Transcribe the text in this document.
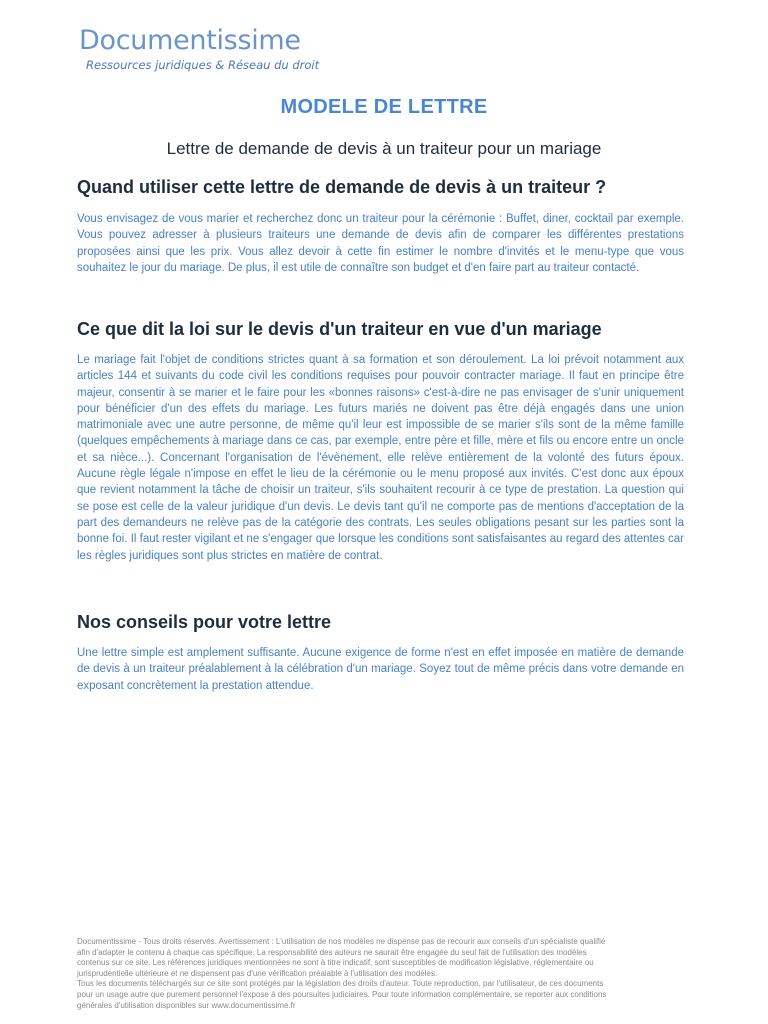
Documentissime
Ressources juridiques & Réseau du droit
MODELE DE LETTRE
Lettre de demande de devis à un traiteur pour un mariage
Quand utiliser cette lettre de demande de devis à un traiteur ?

Vous envisagez de vous marier et recherchez donc un traiteur pour la cérémonie : Buffet, diner, cocktail par exemple. Vous pouvez adresser à plusieurs traiteurs une demande de devis afin de comparer les différentes prestations proposées ainsi que les prix. Vous allez devoir à cette fin estimer le nombre d'invités et le menu-type que vous souhaitez le jour du mariage. De plus, il est utile de connaître son budget et d'en faire part au traiteur contacté.

Ce que dit la loi sur le devis d'un traiteur en vue d'un mariage

Le mariage fait l'objet de conditions strictes quant à sa formation et son déroulement. La loi prévoit notamment aux articles 144 et suivants du code civil les conditions requises pour pouvoir contracter mariage. Il faut en principe être majeur, consentir à se marier et le faire pour les «bonnes raisons» c'est-à-dire ne pas envisager de s'unir uniquement pour bénéficier d'un des effets du mariage. Les futurs mariés ne doivent pas être déjà engagés dans une union matrimoniale avec une autre personne, de même qu'il leur est impossible de se marier s'ils sont de la même famille (quelques empêchements à mariage dans ce cas, par exemple, entre père et fille, mère et fils ou encore entre un oncle et sa nièce...). Concernant l'organisation de l'évènement, elle relève entièrement de la volonté des futurs époux. Aucune règle légale n'impose en effet le lieu de la cérémonie ou le menu proposé aux invités. C'est donc aux époux que revient notamment la tâche de choisir un traiteur, s'ils souhaitent recourir à ce type de prestation. La question qui se pose est celle de la valeur juridique d'un devis. Le devis tant qu'il ne comporte pas de mentions d'acceptation de la part des demandeurs ne relève pas de la catégorie des contrats. Les seules obligations pesant sur les parties sont la bonne foi. Il faut rester vigilant et ne s'engager que lorsque les conditions sont satisfaisantes au regard des attentes car les règles juridiques sont plus strictes en matière de contrat.

Nos conseils pour votre lettre

Une lettre simple est amplement suffisante. Aucune exigence de forme n'est en effet imposée en matière de demande de devis à un traiteur préalablement à la célébration d'un mariage. Soyez tout de même précis dans votre demande en exposant concrètement la prestation attendue.

Documentissime - Tous droits réservés. Avertissement : L'utilisation de nos modèles ne dispense pas de recourir aux conseils d'un spécialiste qualifié
afin d'adapter le contenu à chaque cas spécifique. La responsabilité des auteurs ne saurait être engagée du seul fait de l'utilisation des modèles
contenus sur ce site. Les références juridiques mentionnées ne sont à titre indicatif, sont susceptibles de modification législative, réglementaire ou
jurisprudentielle ultérieure et ne dispensent pas d'une vérification préalable à l'utilisation des modèles.
Tous les documents téléchargés sur ce site sont protégés par la législation des droits d'auteur. Toute reproduction, par l'utilisateur, de ces documents
pour un usage autre que purement personnel l'expose à des poursuites judiciaires. Pour toute information complémentaire, se reporter aux conditions
générales d'utilisation disponibles sur www.documentissime.fr
